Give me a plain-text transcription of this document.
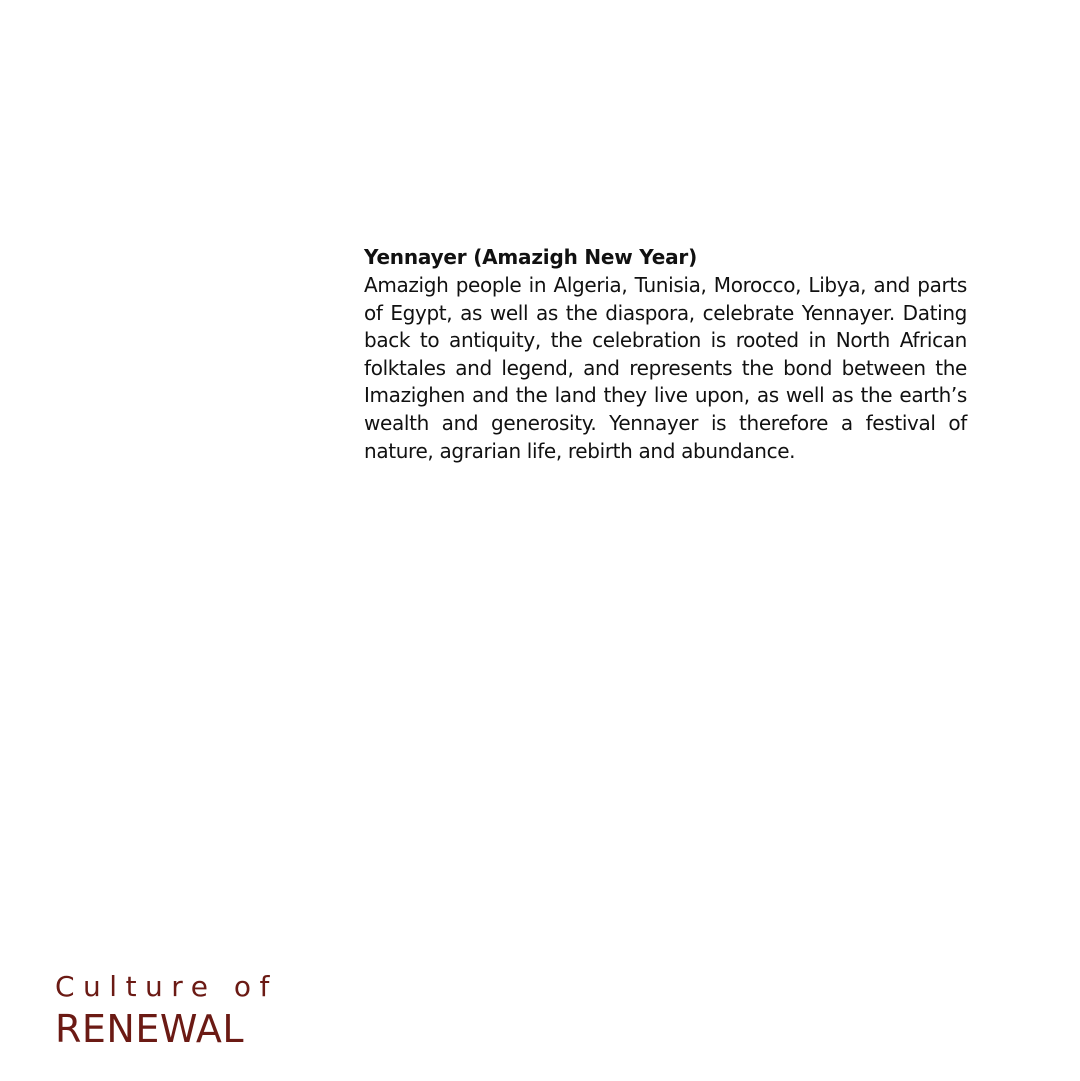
Yennayer (Amazigh New Year)

Amazigh people in Algeria, Tunisia, Morocco, Libya, and parts of Egypt, as well as the diaspora, celebrate Yennayer. Dating back to antiquity, the celebration is rooted in North African folktales and legend, and represents the bond between the Imazighen and the land they live upon, as well as the earth’s wealth and generosity. Yennayer is therefore a festival of nature, agrarian life, rebirth and abundance.

Culture of
RENEWAL
